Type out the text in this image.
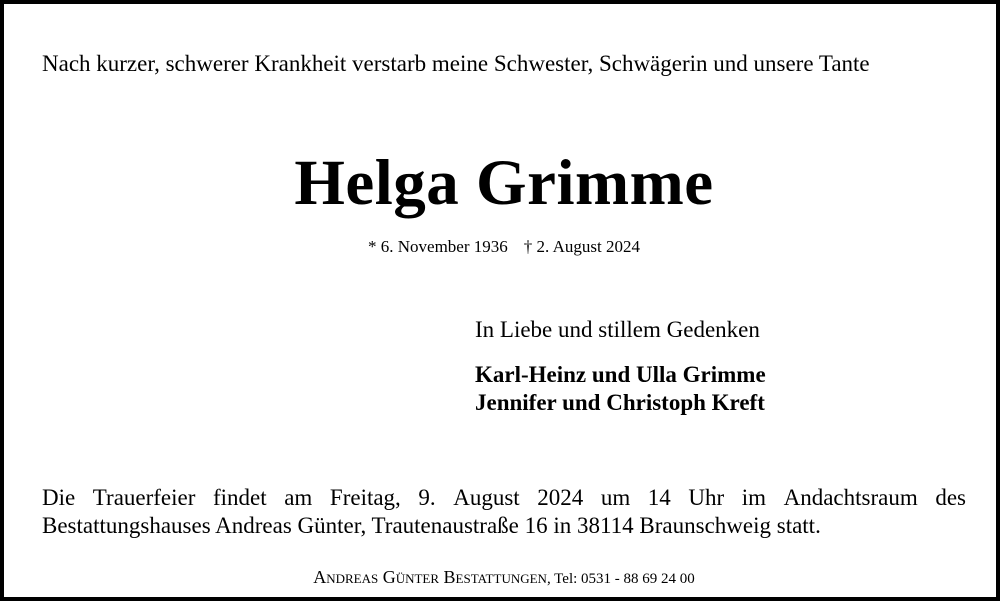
Nach kurzer, schwerer Krankheit verstarb meine Schwester, Schwägerin und unsere Tante
Helga Grimme
* 6. November 1936 † 2. August 2024
In Liebe und stillem Gedenken
Karl-Heinz und Ulla Grimme
Jennifer und Christoph Kreft
Die Trauerfeier findet am Freitag, 9. August 2024 um 14 Uhr im Andachtsraum des
Bestattungshauses Andreas Günter, Trautenaustraße 16 in 38114 Braunschweig statt.
Andreas Günter Bestattungen, Tel: 0531 - 88 69 24 00
